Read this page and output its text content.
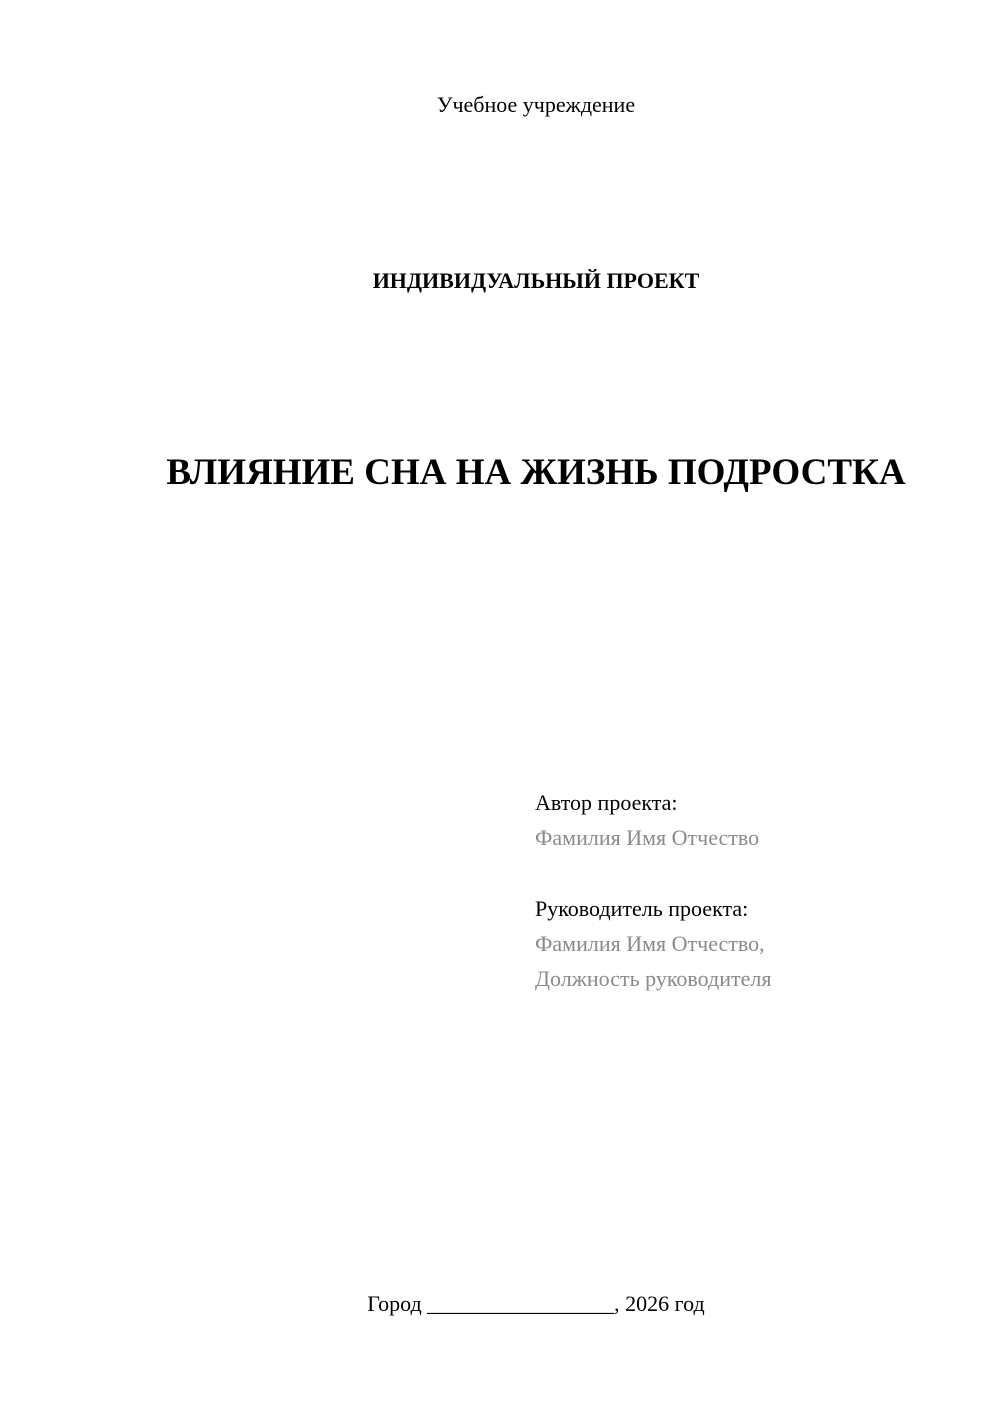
Учебное учреждение
ИНДИВИДУАЛЬНЫЙ ПРОЕКТ
ВЛИЯНИЕ СНА НА ЖИЗНЬ ПОДРОСТКА
Автор проекта:
Фамилия Имя Отчество
Руководитель проекта:
Фамилия Имя Отчество,
Должность руководителя
Город _________________, 2026 год
